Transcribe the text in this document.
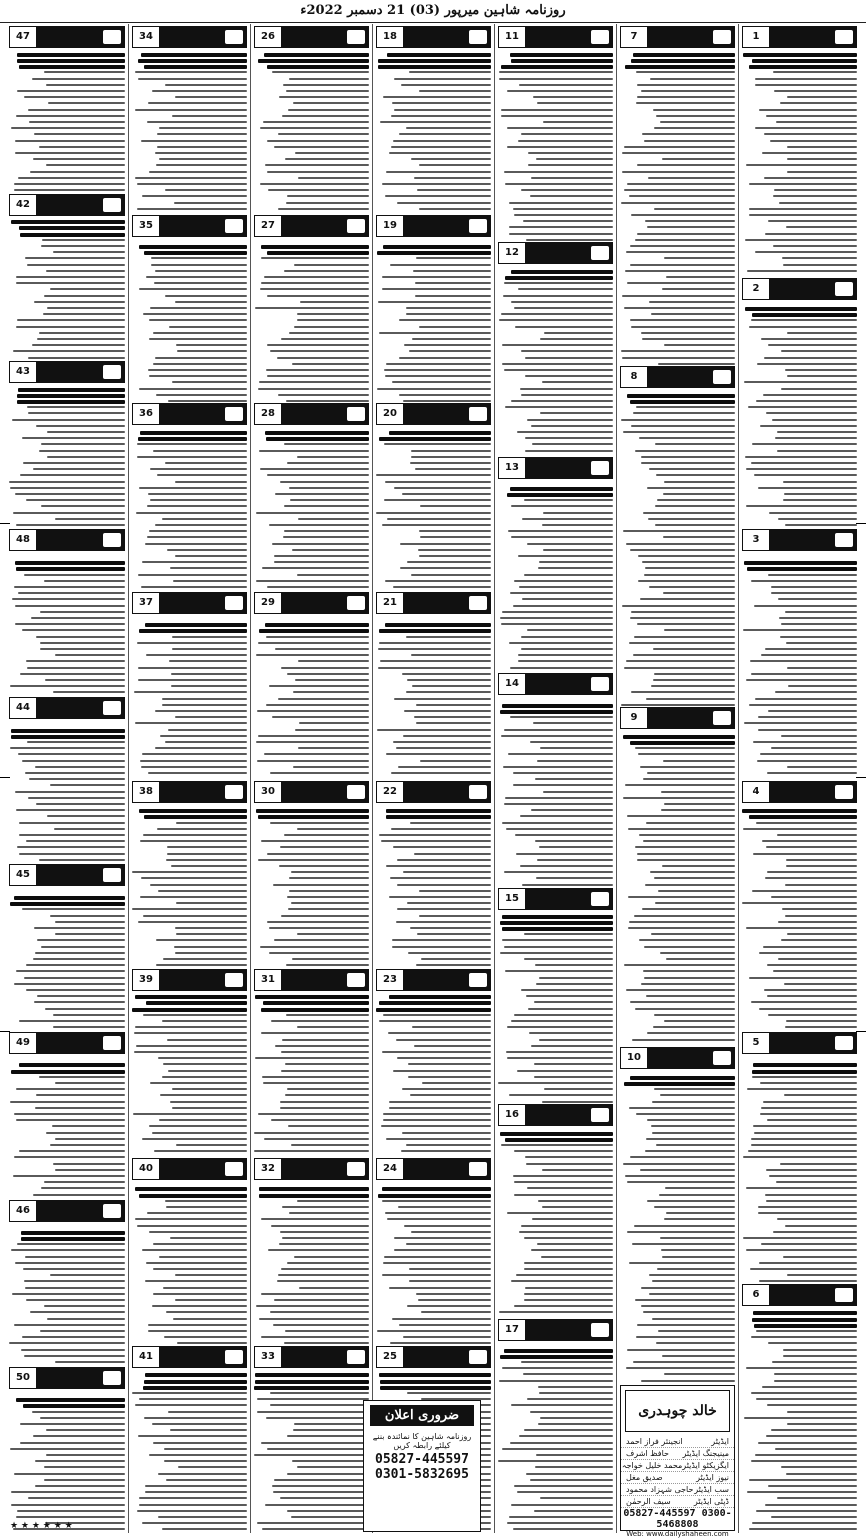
روزنامہ شاہین میرپور (03) 21 دسمبر 2022ء
1
2
3
4
5
6
7
8
9
10
خالد چوہدری
ایڈیٹر
انجینئر فراز احمد
مینیجنگ ایڈیٹر
حافظ اشرف
ایگزیکٹو ایڈیٹر
محمد خلیل خواجہ
نیوز ایڈیٹر
صدیق مغل
سب ایڈیٹر
حاجی شہزاد محمود
ڈپٹی ایڈیٹر
سیف الرحمٰن
05827-445597 0300-5468808
Web: www.dailyshaheen.com
11
12
13
14
15
16
17
18
19
20
21
22
23
24
25
26
27
28
29
30
31
32
33
34
35
36
37
38
39
40
41
47
42
43
48
44
45
49
46
50
★ ★ ★ ★ ★ ★
ضروری اعلان
روزنامہ شاہین کا نمائندہ بننے کیلئے رابطہ کریں
05827-445597
0301-5832695
